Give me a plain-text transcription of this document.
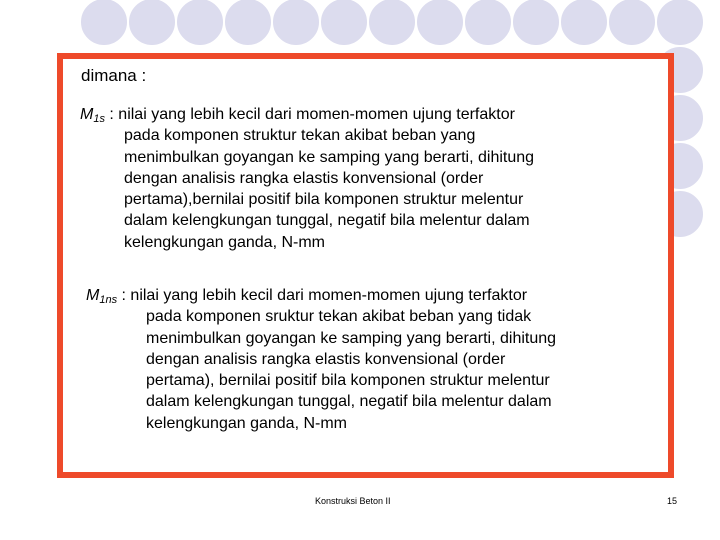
dimana :
$M_{1s}$ : nilai yang lebih kecil dari momen-momen ujung terfaktor
pada komponen struktur tekan akibat beban yang
menimbulkan goyangan ke samping yang berarti, dihitung
dengan analisis rangka elastis konvensional (order
pertama),bernilai positif bila komponen struktur melentur
dalam kelengkungan tunggal, negatif bila melentur dalam
kelengkungan ganda, N-mm
$M_{1ns}$ : nilai yang lebih kecil dari momen-momen ujung terfaktor
pada komponen sruktur tekan akibat beban yang tidak
menimbulkan goyangan ke samping yang berarti, dihitung
dengan analisis rangka elastis konvensional (order
pertama), bernilai positif bila komponen struktur melentur
dalam kelengkungan tunggal, negatif bila melentur dalam
kelengkungan ganda, N-mm
Konstruksi Beton II	15
